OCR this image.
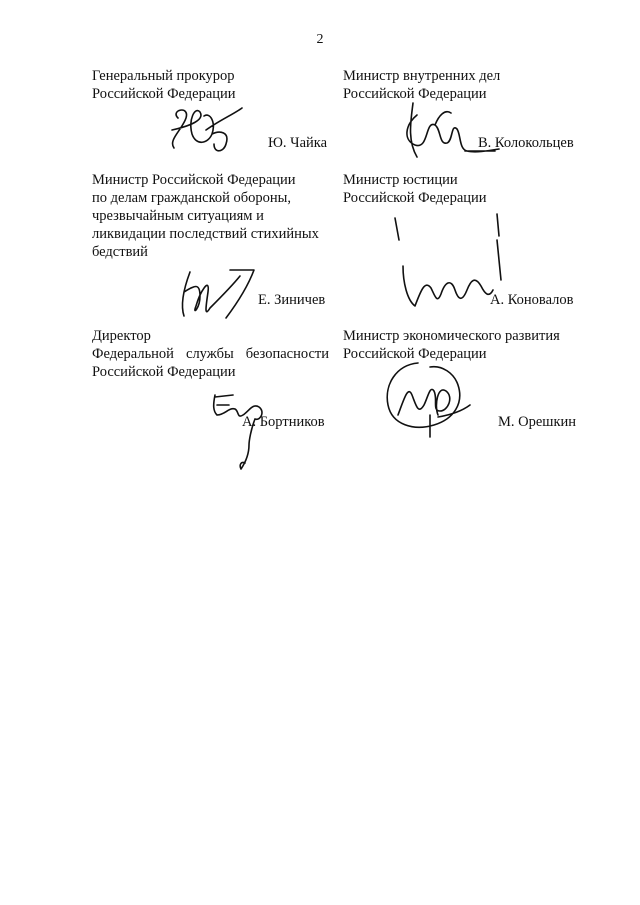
2
Генеральный прокурор
Российской Федерации
Ю. Чайка
Министр внутренних дел
Российской Федерации
В. Колокольцев
Министр Российской Федерации
по делам гражданской обороны,
чрезвычайным ситуациям и
ликвидации последствий стихийных
бедствий
Е. Зиничев
Министр юстиции
Российской Федерации
А. Коновалов
Директор
Федеральной службы безопасности
Российской Федерации
А. Бортников
Министр экономического развития
Российской Федерации
М. Орешкин
